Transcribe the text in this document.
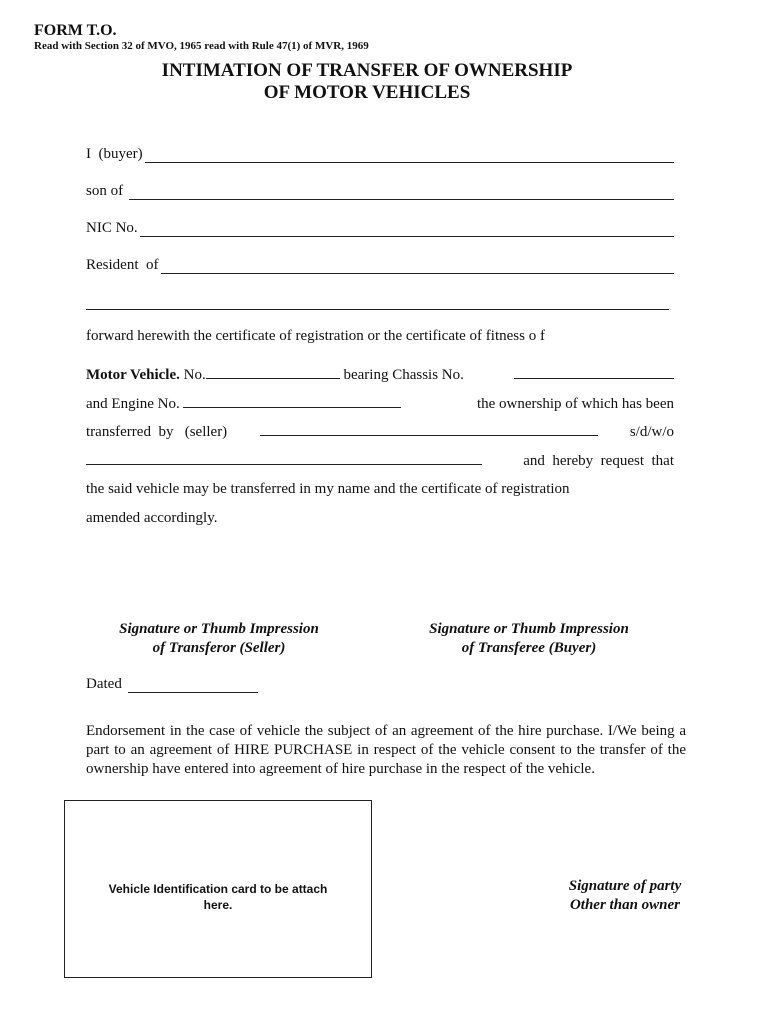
FORM T.O.
Read with Section 32 of MVO, 1965 read with Rule 47(1) of MVR, 1969
INTIMATION OF TRANSFER OF OWNERSHIP
OF MOTOR VEHICLES
I  (buyer)
son of
NIC No.
Resident  of
forward herewith the certificate of registration or the certificate of fitness o f
Motor Vehicle. No.	bearing Chassis No.
and Engine No.	the ownership of which has been
transferred  by   (seller)	s/d/w/o
and  hereby  request  that
the said vehicle may be transferred in my name and the certificate of registration
amended accordingly.
Signature or Thumb Impression
of Transferor (Seller)
Signature or Thumb Impression
of Transferee (Buyer)
Dated
Endorsement in the case of vehicle the subject of an agreement of the hire purchase. I/We being a part to an agreement of HIRE PURCHASE in respect of the vehicle consent to the transfer of the ownership have entered into agreement of hire purchase in the respect of the vehicle.
Vehicle Identification card to be attach
here.
Signature of party
Other than owner
